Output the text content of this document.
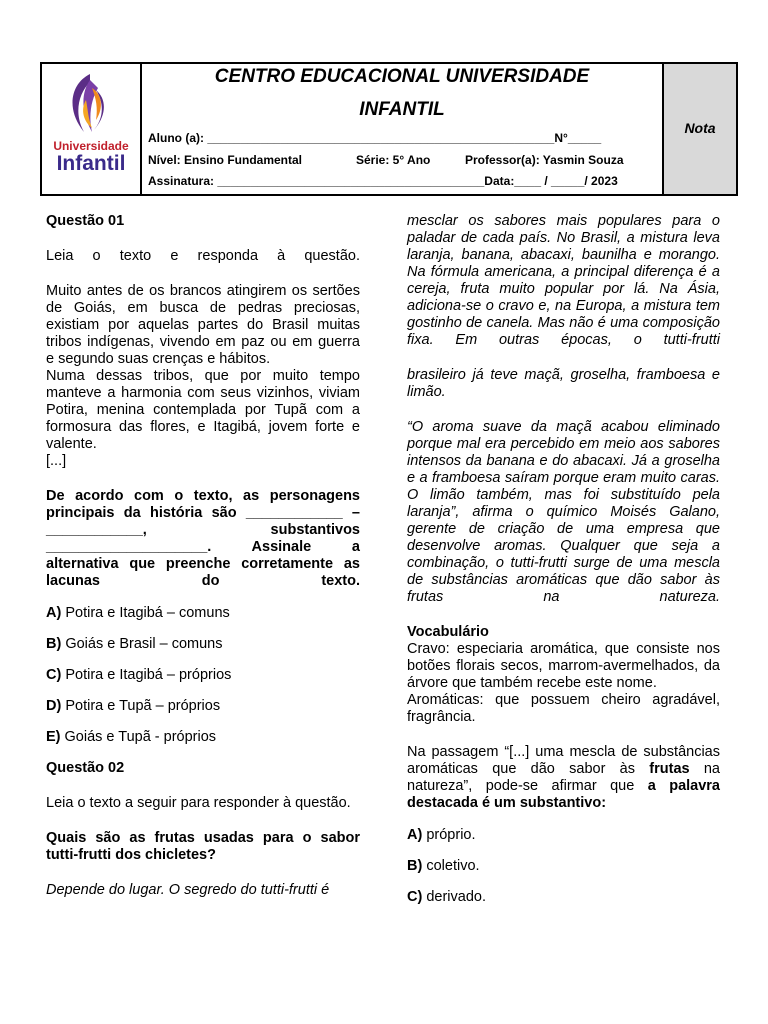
Universidade
Infantil
CENTRO EDUCACIONAL UNIVERSIDADE
INFANTIL
Aluno (a): ____________________________________________________N°_____
Nível: Ensino Fundamental	Série: 5° Ano	Professor(a): Yasmin Souza
Assinatura: ________________________________________Data:____ / _____/ 2023
Nota

Questão 01

Leia o texto e responda à questão.

Muito antes de os brancos atingirem os sertões de Goiás, em busca de pedras preciosas, existiam por aquelas partes do Brasil muitas tribos indígenas, vivendo em paz ou em guerra e segundo suas crenças e hábitos.

Numa dessas tribos, que por muito tempo manteve a harmonia com seus vizinhos, viviam Potira, menina contemplada por Tupã com a formosura das flores, e Itagibá, jovem forte e valente.

[...]

De acordo com o texto, as personagens principais da história são ____________ – ____________, substantivos ____________________. Assinale a alternativa que preenche corretamente as lacunas do texto.

A) Potira e Itagibá – comuns

B) Goiás e Brasil – comuns

C) Potira e Itagibá – próprios

D) Potira e Tupã – próprios

E) Goiás e Tupã - próprios

Questão 02

Leia o texto a seguir para responder à questão.

Quais são as frutas usadas para o sabor tutti-frutti dos chicletes?

Depende do lugar. O segredo do tutti-frutti é

mesclar os sabores mais populares para o paladar de cada país. No Brasil, a mistura leva laranja, banana, abacaxi, baunilha e morango. Na fórmula americana, a principal diferença é a cereja, fruta muito popular por lá. Na Ásia, adiciona-se o cravo e, na Europa, a mistura tem gostinho de canela. Mas não é uma composição fixa. Em outras épocas, o tutti-frutti

brasileiro já teve maçã, groselha, framboesa e limão.

“O aroma suave da maçã acabou eliminado porque mal era percebido em meio aos sabores intensos da banana e do abacaxi. Já a groselha e a framboesa saíram porque eram muito caras. O limão também, mas foi substituído pela laranja”, afirma o químico Moisés Galano, gerente de criação de uma empresa que desenvolve aromas. Qualquer que seja a combinação, o tutti-frutti surge de uma mescla de substâncias aromáticas que dão sabor às frutas na natureza.

Vocabulário

Cravo: especiaria aromática, que consiste nos botões florais secos, marrom-avermelhados, da árvore que também recebe este nome.

Aromáticas: que possuem cheiro agradável, fragrância.

Na passagem “[...] uma mescla de substâncias aromáticas que dão sabor às frutas na natureza”, pode-se afirmar que a palavra destacada é um substantivo:

A) próprio.

B) coletivo.

C) derivado.
